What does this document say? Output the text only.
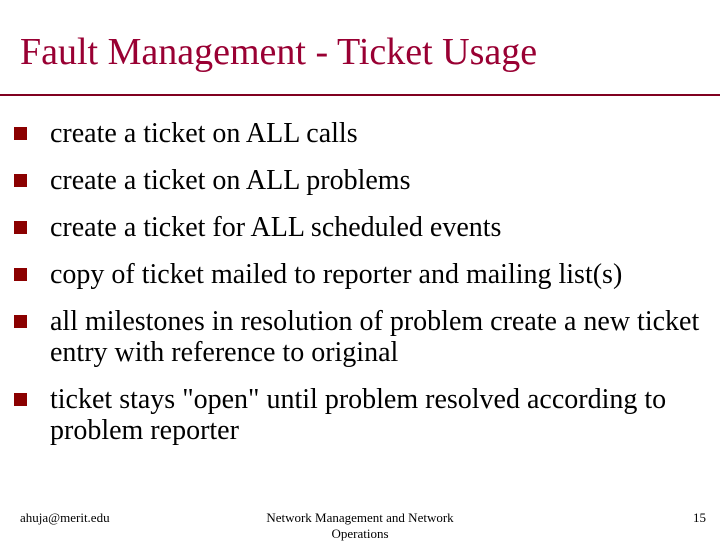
Fault Management - Ticket Usage
create a ticket on ALL calls
create a ticket on ALL problems
create a ticket for ALL scheduled events
copy of ticket mailed to reporter and mailing list(s)
all milestones in resolution of problem create a new ticket entry with reference to original
ticket stays "open" until problem resolved according to problem reporter
ahuja@merit.edu	Network Management and Network Operations
15
